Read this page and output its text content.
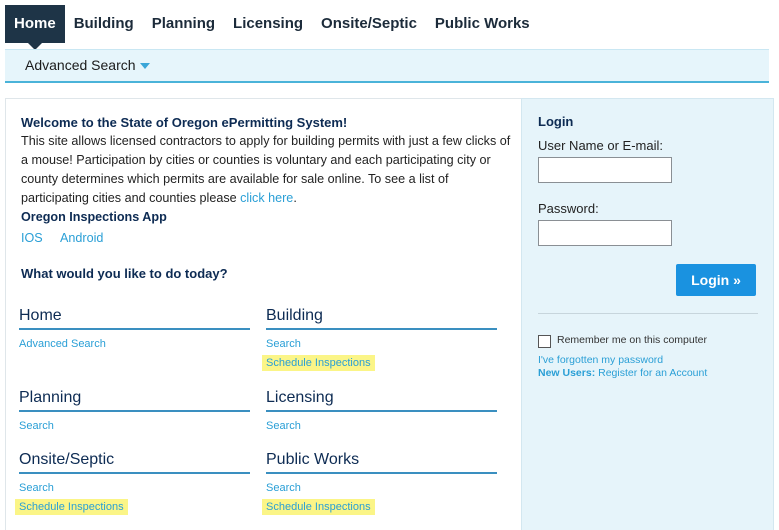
Home	Building	Planning	Licensing	Onsite/Septic	Public Works
Advanced Search
Welcome to the State of Oregon ePermitting System!
This site allows licensed contractors to apply for building permits with just a few clicks of a mouse! Participation by cities or counties is voluntary and each participating city or county determines which permits are available for sale online. To see a list of participating cities and counties please click here.
Oregon Inspections App
IOS Android
What would you like to do today?
Home
Advanced Search
Building
Search
Schedule Inspections
Planning
Search
Licensing
Search
Onsite/Septic
Search
Schedule Inspections
Public Works
Search
Schedule Inspections
Login
User Name or E-mail:
Password:
Login »
Remember me on this computer
I've forgotten my password
New Users: Register for an Account
